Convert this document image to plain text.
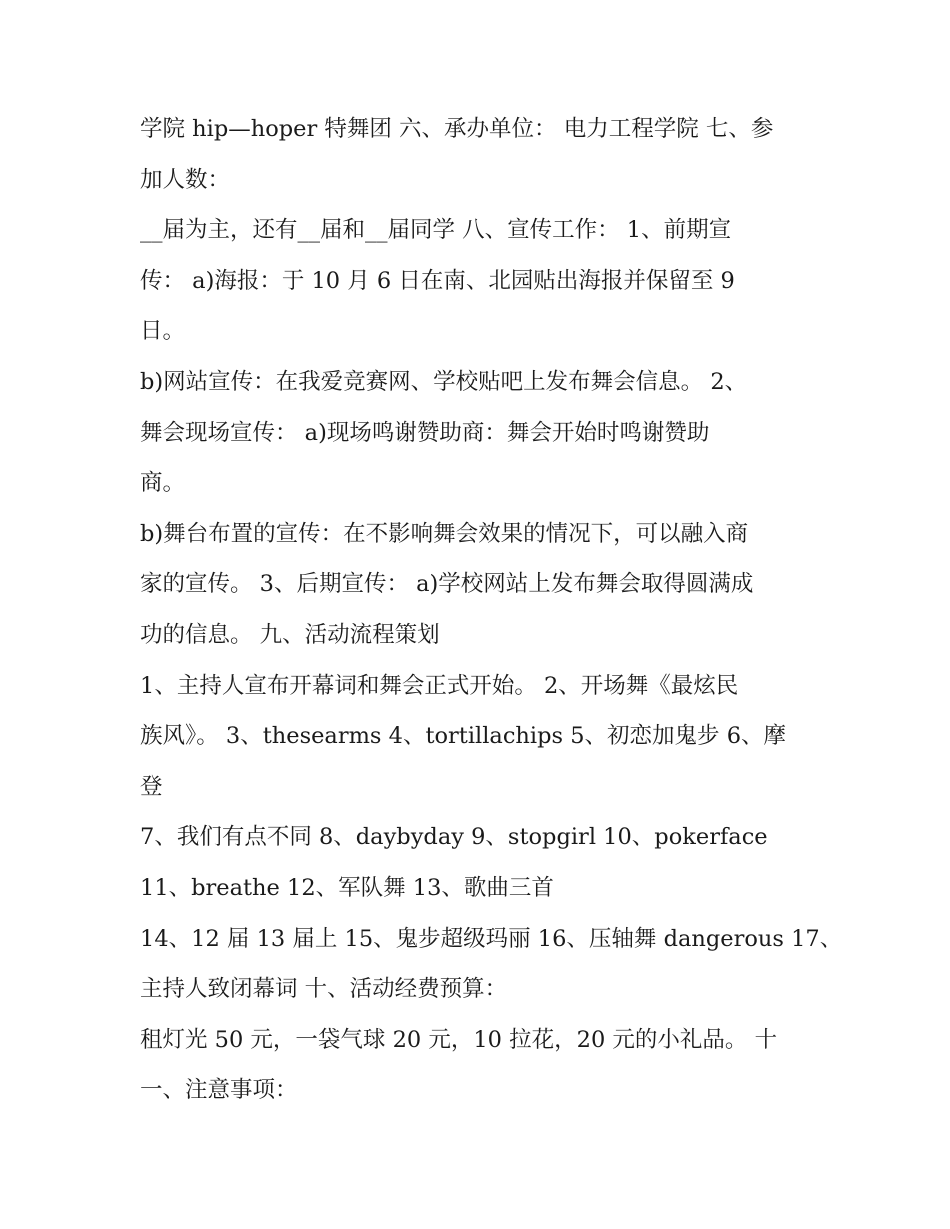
学院 hip—hoper 特舞团 六、承办单位： 电力工程学院 七、参
加人数：
__届为主，还有__届和__届同学 八、宣传工作： 1、前期宣
传： a)海报：于 10 月 6 日在南、北园贴出海报并保留至 9
日。
b)网站宣传：在我爱竞赛网、学校贴吧上发布舞会信息。 2、
舞会现场宣传： a)现场鸣谢赞助商：舞会开始时鸣谢赞助
商。
b)舞台布置的宣传：在不影响舞会效果的情况下，可以融入商
家的宣传。 3、后期宣传： a)学校网站上发布舞会取得圆满成
功的信息。 九、活动流程策划
1、主持人宣布开幕词和舞会正式开始。 2、开场舞《最炫民
族风》。 3、thesearms 4、tortillachips 5、初恋加鬼步 6、摩
登
7、我们有点不同 8、daybyday 9、stopgirl 10、pokerface
11、breathe 12、军队舞 13、歌曲三首
14、12 届 13 届上 15、鬼步超级玛丽 16、压轴舞 dangerous 17、
主持人致闭幕词 十、活动经费预算：
租灯光 50 元，一袋气球 20 元，10 拉花，20 元的小礼品。 十
一、注意事项：
